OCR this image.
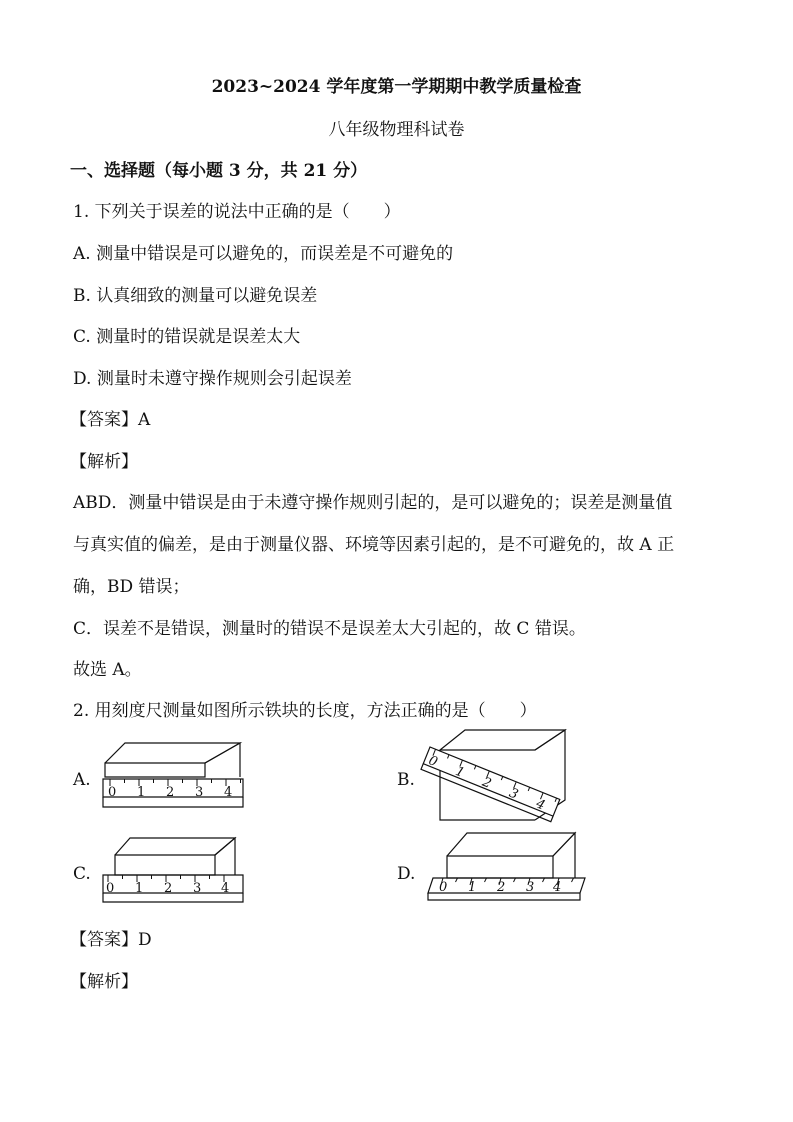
2023~2024 学年度第一学期期中教学质量检查
八年级物理科试卷
一、选择题（每小题 3 分，共 21 分）
1. 下列关于误差的说法中正确的是（　　）
A. 测量中错误是可以避免的，而误差是不可避免的
B. 认真细致的测量可以避免误差
C. 测量时的错误就是误差太大
D. 测量时未遵守操作规则会引起误差
【答案】A
【解析】
ABD．测量中错误是由于未遵守操作规则引起的，是可以避免的；误差是测量值
与真实值的偏差，是由于测量仪器、环境等因素引起的，是不可避免的，故 A 正
确，BD 错误；
C．误差不是错误，测量时的错误不是误差太大引起的，故 C 错误。
故选 A。
2. 用刻度尺测量如图所示铁块的长度，方法正确的是（　　）
A.	B.
C.	D.
0 1 2 3 4
0
1
2
3
4
0 1 2 3 4	0 1 2 3 4
【答案】D
【解析】
